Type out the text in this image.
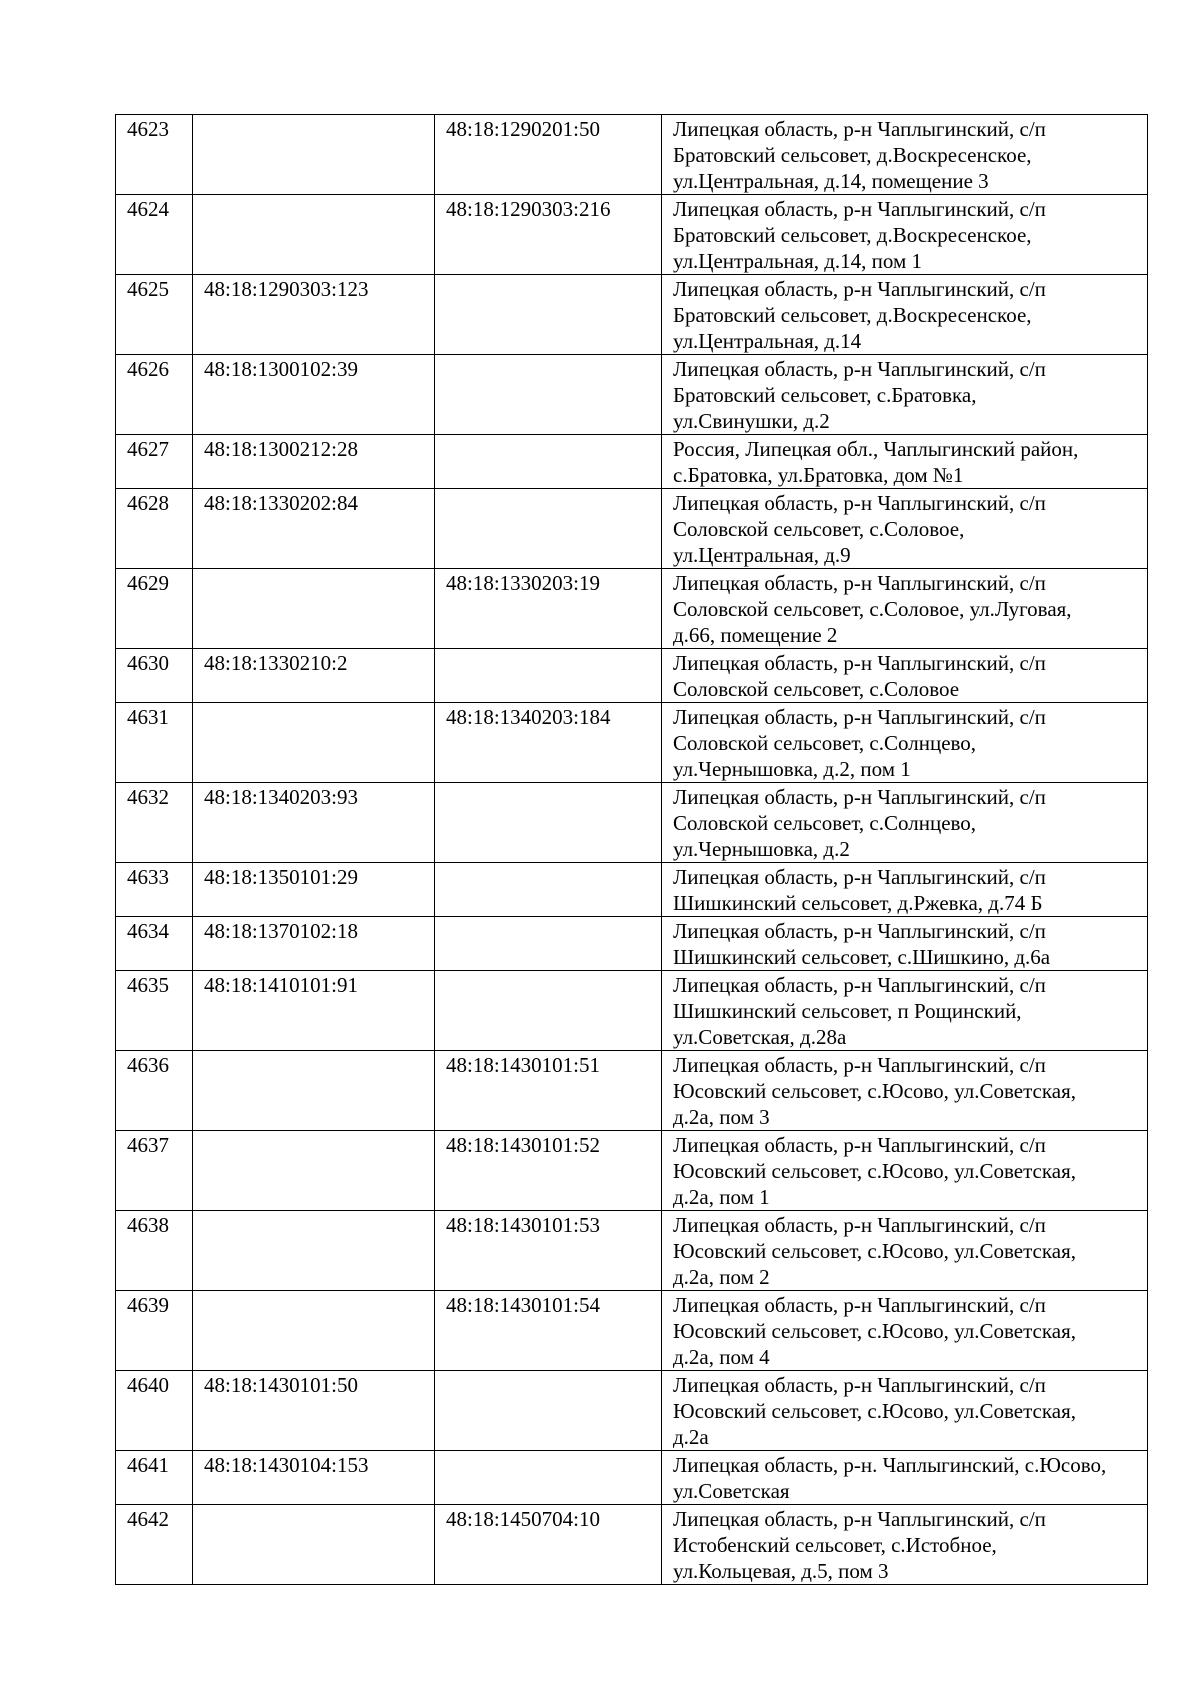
4623		48:18:1290201:50	Липецкая область, р-н Чаплыгинский, с/п
Братовский сельсовет, д.Воскресенское,
ул.Центральная, д.14, помещение 3

4624		48:18:1290303:216	Липецкая область, р-н Чаплыгинский, с/п
Братовский сельсовет, д.Воскресенское,
ул.Центральная, д.14, пом 1

4625	48:18:1290303:123		Липецкая область, р-н Чаплыгинский, с/п
Братовский сельсовет, д.Воскресенское,
ул.Центральная, д.14

4626	48:18:1300102:39		Липецкая область, р-н Чаплыгинский, с/п
Братовский сельсовет, с.Братовка,
ул.Свинушки, д.2

4627	48:18:1300212:28		Россия, Липецкая обл., Чаплыгинский район,
с.Братовка, ул.Братовка, дом №1

4628	48:18:1330202:84		Липецкая область, р-н Чаплыгинский, с/п
Соловской сельсовет, с.Соловое,
ул.Центральная, д.9

4629		48:18:1330203:19	Липецкая область, р-н Чаплыгинский, с/п
Соловской сельсовет, с.Соловое, ул.Луговая,
д.66, помещение 2

4630	48:18:1330210:2		Липецкая область, р-н Чаплыгинский, с/п
Соловской сельсовет, с.Соловое

4631		48:18:1340203:184	Липецкая область, р-н Чаплыгинский, с/п
Соловской сельсовет, с.Солнцево,
ул.Чернышовка, д.2, пом 1

4632	48:18:1340203:93		Липецкая область, р-н Чаплыгинский, с/п
Соловской сельсовет, с.Солнцево,
ул.Чернышовка, д.2

4633	48:18:1350101:29		Липецкая область, р-н Чаплыгинский, с/п
Шишкинский сельсовет, д.Ржевка, д.74 Б

4634	48:18:1370102:18		Липецкая область, р-н Чаплыгинский, с/п
Шишкинский сельсовет, с.Шишкино, д.6а

4635	48:18:1410101:91		Липецкая область, р-н Чаплыгинский, с/п
Шишкинский сельсовет, п Рощинский,
ул.Советская, д.28а

4636		48:18:1430101:51	Липецкая область, р-н Чаплыгинский, с/п
Юсовский сельсовет, с.Юсово, ул.Советская,
д.2а, пом 3

4637		48:18:1430101:52	Липецкая область, р-н Чаплыгинский, с/п
Юсовский сельсовет, с.Юсово, ул.Советская,
д.2а, пом 1

4638		48:18:1430101:53	Липецкая область, р-н Чаплыгинский, с/п
Юсовский сельсовет, с.Юсово, ул.Советская,
д.2а, пом 2

4639		48:18:1430101:54	Липецкая область, р-н Чаплыгинский, с/п
Юсовский сельсовет, с.Юсово, ул.Советская,
д.2а, пом 4

4640	48:18:1430101:50		Липецкая область, р-н Чаплыгинский, с/п
Юсовский сельсовет, с.Юсово, ул.Советская,
д.2а

4641	48:18:1430104:153		Липецкая область, р-н. Чаплыгинский, с.Юсово,
ул.Советская

4642		48:18:1450704:10	Липецкая область, р-н Чаплыгинский, с/п
Истобенский сельсовет, с.Истобное,
ул.Кольцевая, д.5, пом 3
